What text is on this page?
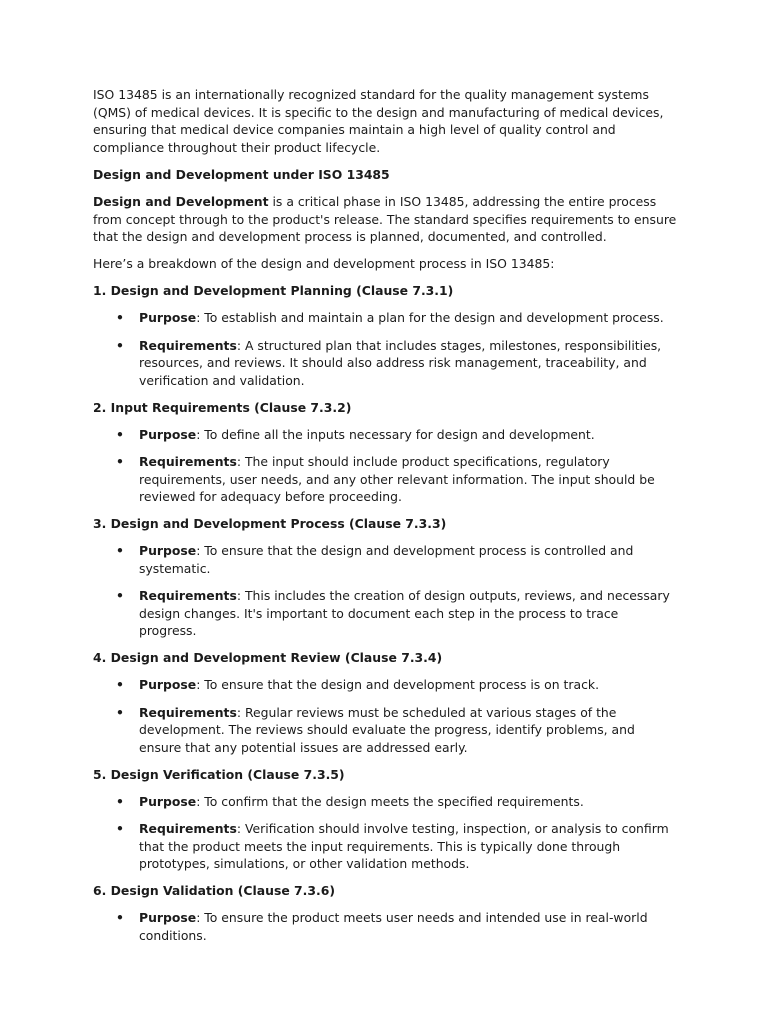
ISO 13485 is an internationally recognized standard for the quality management systems (QMS) of medical devices. It is specific to the design and manufacturing of medical devices, ensuring that medical device companies maintain a high level of quality control and compliance throughout their product lifecycle.

Design and Development under ISO 13485

Design and Development is a critical phase in ISO 13485, addressing the entire process from concept through to the product's release. The standard specifies requirements to ensure that the design and development process is planned, documented, and controlled.

Here’s a breakdown of the design and development process in ISO 13485:

1. Design and Development Planning (Clause 7.3.1)

• Purpose: To establish and maintain a plan for the design and development process.
• Requirements: A structured plan that includes stages, milestones, responsibilities, resources, and reviews. It should also address risk management, traceability, and verification and validation.

2. Input Requirements (Clause 7.3.2)

• Purpose: To define all the inputs necessary for design and development.
• Requirements: The input should include product specifications, regulatory requirements, user needs, and any other relevant information. The input should be reviewed for adequacy before proceeding.

3. Design and Development Process (Clause 7.3.3)

• Purpose: To ensure that the design and development process is controlled and systematic.
• Requirements: This includes the creation of design outputs, reviews, and necessary design changes. It's important to document each step in the process to trace progress.

4. Design and Development Review (Clause 7.3.4)

• Purpose: To ensure that the design and development process is on track.
• Requirements: Regular reviews must be scheduled at various stages of the development. The reviews should evaluate the progress, identify problems, and ensure that any potential issues are addressed early.

5. Design Verification (Clause 7.3.5)

• Purpose: To confirm that the design meets the specified requirements.
• Requirements: Verification should involve testing, inspection, or analysis to confirm that the product meets the input requirements. This is typically done through prototypes, simulations, or other validation methods.

6. Design Validation (Clause 7.3.6)

• Purpose: To ensure the product meets user needs and intended use in real-world conditions.
